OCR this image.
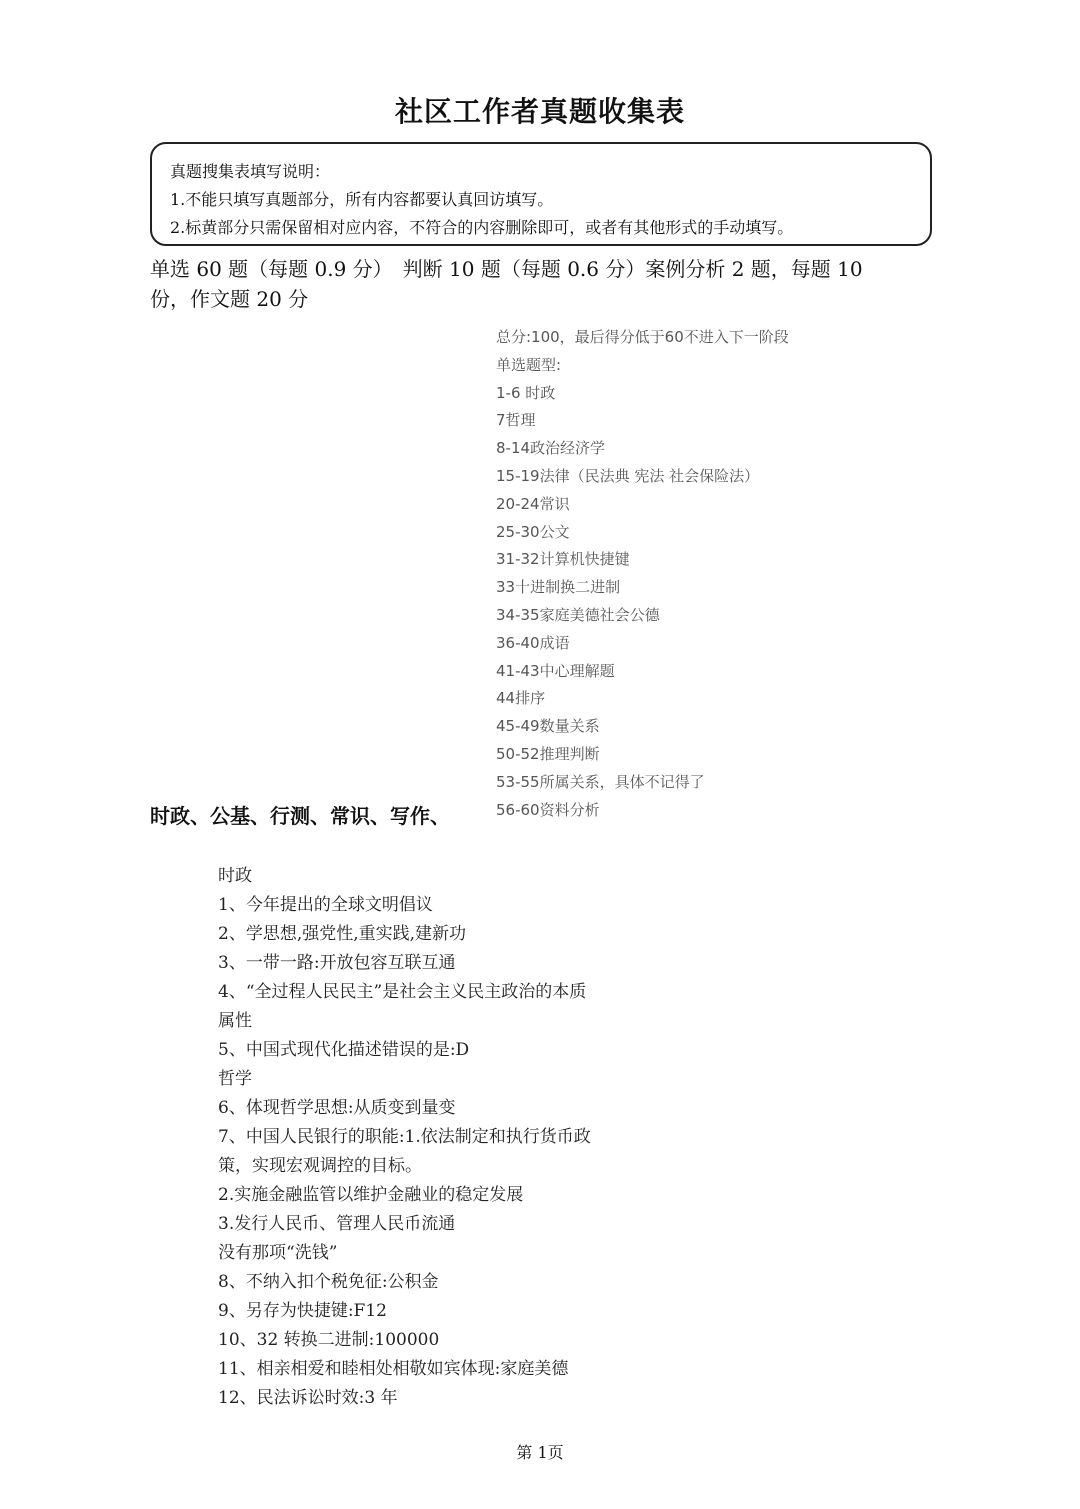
社区工作者真题收集表
真题搜集表填写说明：
1.不能只填写真题部分，所有内容都要认真回访填写。
2.标黄部分只需保留相对应内容，不符合的内容删除即可，或者有其他形式的手动填写。
单选 60 题（每题 0.9 分）　判断 10 题（每题 0.6 分）案例分析 2 题，每题 10
份，作文题 20 分
总分:100，最后得分低于60不进入下一阶段
单选题型:
1-6 时政
7哲理
8-14政治经济学
15-19法律（民法典 宪法 社会保险法）
20-24常识
25-30公文
31-32计算机快捷键
33十进制换二进制
34-35家庭美德社会公德
36-40成语
41-43中心理解题
44排序
45-49数量关系
50-52推理判断
53-55所属关系，具体不记得了
56-60资料分析
时政、公基、行测、常识、写作、
时政
1、今年提出的全球文明倡议
2、学思想,强党性,重实践,建新功
3、一带一路:开放包容互联互通
4、“全过程人民民主”是社会主义民主政治的本质
属性
5、中国式现代化描述错误的是:D
哲学
6、体现哲学思想:从质变到量变
7、中国人民银行的职能:1.依法制定和执行货币政
策，实现宏观调控的目标。
2.实施金融监管以维护金融业的稳定发展
3.发行人民币、管理人民币流通
没有那项“洗钱”
8、不纳入扣个税免征:公积金
9、另存为快捷键:F12
10、32 转换二进制:100000
11、相亲相爱和睦相处相敬如宾体现:家庭美德
12、民法诉讼时效:3 年
第 1页
